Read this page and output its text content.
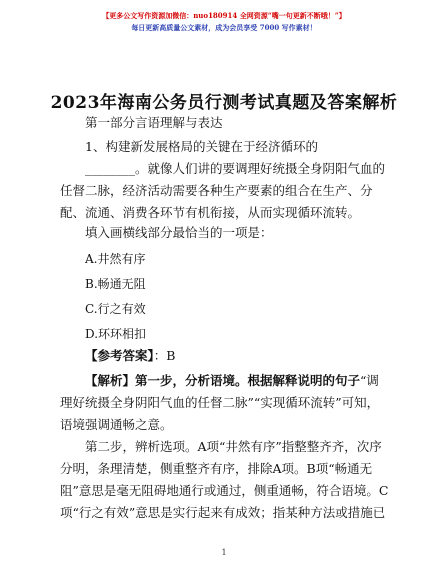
【更多公文写作资源加微信：nuo180914 全网资源“嘴一句更新不断哦！”】
每日更新高质量公文素材，成为会员享受 7000 写作素材！
2023年海南公务员行测考试真题及答案解析
第一部分言语理解与表达
1、构建新发展格局的关键在于经济循环的________。就像人们讲的要调理好统摄全身阴阳气血的任督二脉，经济活动需要各种生产要素的组合在生产、分配、流通、消费各环节有机衔接，从而实现循环流转。
填入画横线部分最恰当的一项是：
A.井然有序
B.畅通无阻
C.行之有效
D.环环相扣
【参考答案】：B
【解析】第一步，分析语境。根据解释说明的句子“调理好统摄全身阴阳气血的任督二脉”“实现循环流转”可知，语境强调通畅之意。
第二步，辨析选项。A项“井然有序”指整整齐齐，次序分明，条理清楚，侧重整齐有序，排除A项。B项“畅通无阻”意思是毫无阻碍地通行或通过，侧重通畅，符合语境。C项“行之有效”意思是实行起来有成效；指某种方法或措施已
1
